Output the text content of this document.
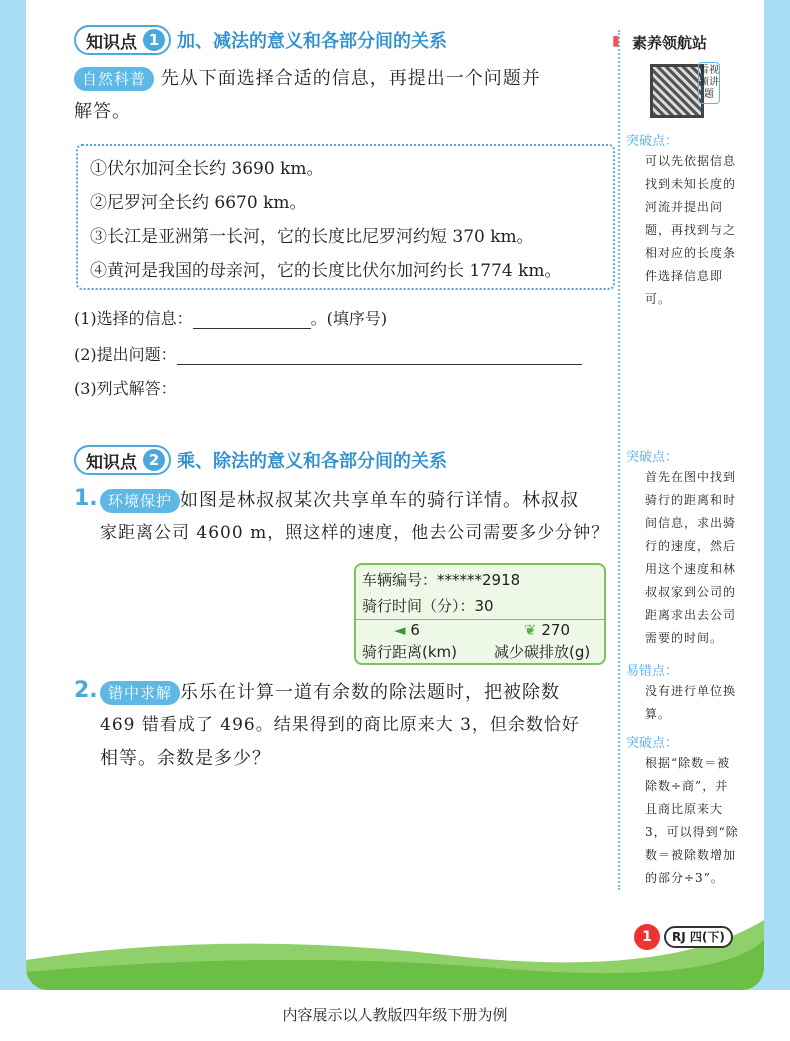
知识点 1 加、减法的意义和各部分间的关系
自然科普 先从下面选择合适的信息，再提出一个问题并
解答。
①伏尔加河全长约 3690 km。
②尼罗河全长约 6670 km。
③长江是亚洲第一长河，它的长度比尼罗河约短 370 km。
④黄河是我国的母亲河，它的长度比伏尔加河约长 1774 km。
(1)选择的信息：	。(填序号)
(2)提出问题：
(3)列式解答：
知识点 2 乘、除法的意义和各部分间的关系
1. 环境保护 如图是林叔叔某次共享单车的骑行详情。林叔叔
家距离公司 4600 m，照这样的速度，他去公司需要多少分钟？
车辆编号：******2918
骑行时间（分）：30
◄ 6	❦ 270
骑行距离(km) 减少碳排放(g)
2. 错中求解 乐乐在计算一道有余数的除法题时，把被除数
469 错看成了 496。结果得到的商比原来大 3，但余数恰好
相等。余数是多少？
▮ 素养领航站
看视频讲题
突破点：
可以先依据信息找到未知长度的河流并提出问题，再找到与之相对应的长度条件选择信息即可。
突破点：
首先在图中找到骑行的距离和时间信息，求出骑行的速度，然后用这个速度和林叔叔家到公司的距离求出去公司需要的时间。
易错点：
没有进行单位换算。
突破点：
根据“除数＝被除数÷商”，并且商比原来大 3，可以得到“除数＝被除数增加的部分÷3”。
1	RJ 四(下)
内容展示以人教版四年级下册为例
